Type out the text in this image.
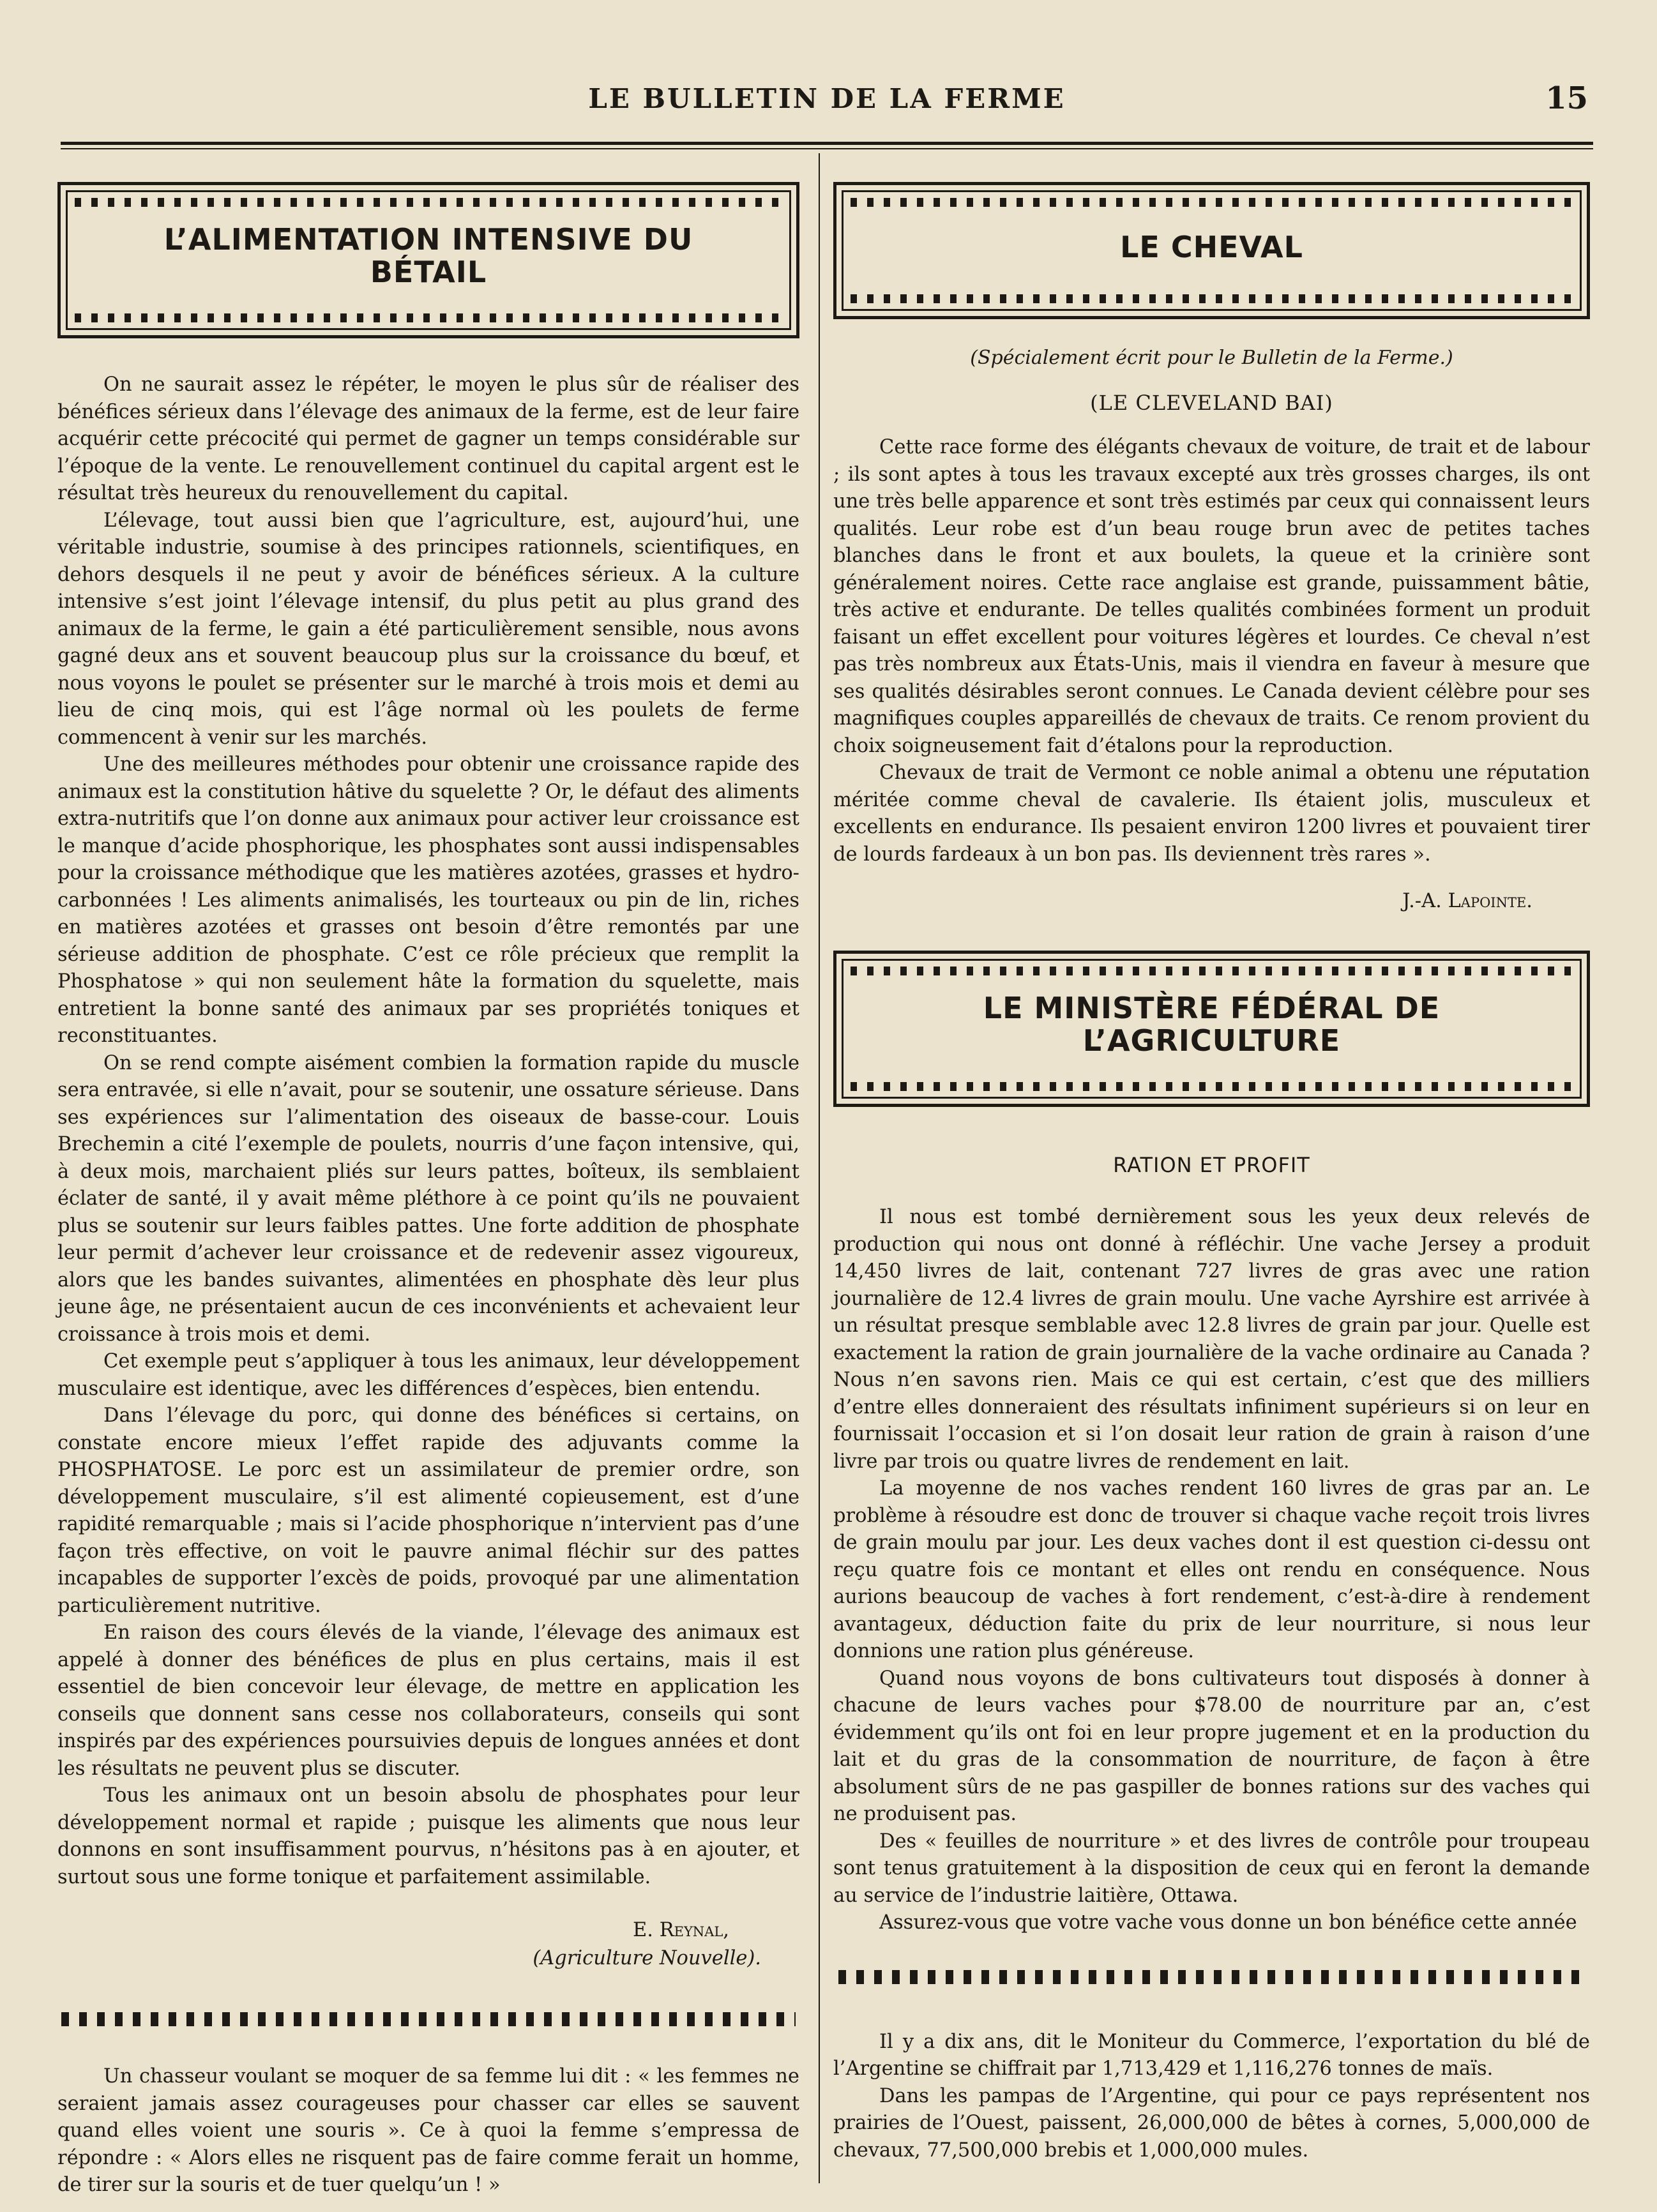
LE BULLETIN DE LA FERME	15
L’ALIMENTATION INTENSIVE DU
BÉTAIL

On ne saurait assez le répéter, le moyen le plus sûr de réaliser des bénéfices sérieux dans l’élevage des animaux de la ferme, est de leur faire acquérir cette précocité qui permet de gagner un temps considérable sur l’époque de la vente. Le renouvellement continuel du capital argent est le résultat très heureux du renouvellement du capital.

L’élevage, tout aussi bien que l’agriculture, est, aujourd’hui, une véritable industrie, soumise à des principes rationnels, scientifiques, en dehors desquels il ne peut y avoir de bénéfices sérieux. A la culture intensive s’est joint l’élevage intensif, du plus petit au plus grand des animaux de la ferme, le gain a été particulièrement sensible, nous avons gagné deux ans et souvent beaucoup plus sur la croissance du bœuf, et nous voyons le poulet se présenter sur le marché à trois mois et demi au lieu de cinq mois, qui est l’âge normal où les poulets de ferme commencent à venir sur les marchés.

Une des meilleures méthodes pour obtenir une croissance rapide des animaux est la constitution hâtive du squelette ? Or, le défaut des aliments extra-nutritifs que l’on donne aux animaux pour activer leur croissance est le manque d’acide phosphorique, les phosphates sont aussi indispensables pour la croissance méthodique que les matières azotées, grasses et hydro-carbonnées ! Les aliments animalisés, les tourteaux ou pin de lin, riches en matières azotées et grasses ont besoin d’être remontés par une sérieuse addition de phosphate. C’est ce rôle précieux que remplit la Phosphatose » qui non seulement hâte la formation du squelette, mais entretient la bonne santé des animaux par ses propriétés toniques et reconstituantes.

On se rend compte aisément combien la formation rapide du muscle sera entravée, si elle n’avait, pour se soutenir, une ossature sérieuse. Dans ses expériences sur l’alimentation des oiseaux de basse-cour. Louis Brechemin a cité l’exemple de poulets, nourris d’une façon intensive, qui, à deux mois, marchaient pliés sur leurs pattes, boîteux, ils semblaient éclater de santé, il y avait même pléthore à ce point qu’ils ne pouvaient plus se soutenir sur leurs faibles pattes. Une forte addition de phosphate leur permit d’achever leur croissance et de redevenir assez vigoureux, alors que les bandes suivantes, alimentées en phosphate dès leur plus jeune âge, ne présentaient aucun de ces inconvénients et achevaient leur croissance à trois mois et demi.

Cet exemple peut s’appliquer à tous les animaux, leur développement musculaire est identique, avec les différences d’espèces, bien entendu.

Dans l’élevage du porc, qui donne des bénéfices si certains, on constate encore mieux l’effet rapide des adjuvants comme la PHOSPHATOSE. Le porc est un assimilateur de premier ordre, son développement musculaire, s’il est alimenté copieusement, est d’une rapidité remarquable ; mais si l’acide phosphorique n’intervient pas d’une façon très effective, on voit le pauvre animal fléchir sur des pattes incapables de supporter l’excès de poids, provoqué par une alimentation particulièrement nutritive.

En raison des cours élevés de la viande, l’élevage des animaux est appelé à donner des bénéfices de plus en plus certains, mais il est essentiel de bien concevoir leur élevage, de mettre en application les conseils que donnent sans cesse nos collaborateurs, conseils qui sont inspirés par des expériences poursuivies depuis de longues années et dont les résultats ne peuvent plus se discuter.

Tous les animaux ont un besoin absolu de phosphates pour leur développement normal et rapide ; puisque les aliments que nous leur donnons en sont insuffisamment pourvus, n’hésitons pas à en ajouter, et surtout sous une forme tonique et parfaitement assimilable.

E. Reynal,

(Agriculture Nouvelle).

Un chasseur voulant se moquer de sa femme lui dit : « les femmes ne seraient jamais assez courageuses pour chasser car elles se sauvent quand elles voient une souris ». Ce à quoi la femme s’empressa de répondre : « Alors elles ne risquent pas de faire comme ferait un homme, de tirer sur la souris et de tuer quelqu’un ! »

LE CHEVAL

(Spécialement écrit pour le Bulletin de la Ferme.)

(LE CLEVELAND BAI)

Cette race forme des élégants chevaux de voiture, de trait et de labour ; ils sont aptes à tous les travaux excepté aux très grosses charges, ils ont une très belle apparence et sont très estimés par ceux qui connaissent leurs qualités. Leur robe est d’un beau rouge brun avec de petites taches blanches dans le front et aux boulets, la queue et la crinière sont généralement noires. Cette race anglaise est grande, puissamment bâtie, très active et endurante. De telles qualités combinées forment un produit faisant un effet excellent pour voitures légères et lourdes. Ce cheval n’est pas très nombreux aux États-Unis, mais il viendra en faveur à mesure que ses qualités désirables seront connues. Le Canada devient célèbre pour ses magnifiques couples appareillés de chevaux de traits. Ce renom provient du choix soigneusement fait d’étalons pour la reproduction.

Chevaux de trait de Vermont ce noble animal a obtenu une réputation méritée comme cheval de cavalerie. Ils étaient jolis, musculeux et excellents en endurance. Ils pesaient environ 1200 livres et pouvaient tirer de lourds fardeaux à un bon pas. Ils deviennent très rares ».

J.-A. Lapointe.

LE MINISTÈRE FÉDÉRAL DE
L’AGRICULTURE

RATION ET PROFIT

Il nous est tombé dernièrement sous les yeux deux relevés de production qui nous ont donné à réfléchir. Une vache Jersey a produit 14,450 livres de lait, contenant 727 livres de gras avec une ration journalière de 12.4 livres de grain moulu. Une vache Ayrshire est arrivée à un résultat presque semblable avec 12.8 livres de grain par jour. Quelle est exactement la ration de grain journalière de la vache ordinaire au Canada ? Nous n’en savons rien. Mais ce qui est certain, c’est que des milliers d’entre elles donneraient des résultats infiniment supérieurs si on leur en fournissait l’occasion et si l’on dosait leur ration de grain à raison d’une livre par trois ou quatre livres de rendement en lait.

La moyenne de nos vaches rendent 160 livres de gras par an. Le problème à résoudre est donc de trouver si chaque vache reçoit trois livres de grain moulu par jour. Les deux vaches dont il est question ci-dessu ont reçu quatre fois ce montant et elles ont rendu en conséquence. Nous aurions beaucoup de vaches à fort rendement, c’est-à-dire à rendement avantageux, déduction faite du prix de leur nourriture, si nous leur donnions une ration plus généreuse.

Quand nous voyons de bons cultivateurs tout disposés à donner à chacune de leurs vaches pour $78.00 de nourriture par an, c’est évidemment qu’ils ont foi en leur propre jugement et en la production du lait et du gras de la consommation de nourriture, de façon à être absolument sûrs de ne pas gaspiller de bonnes rations sur des vaches qui ne produisent pas.

Des « feuilles de nourriture » et des livres de contrôle pour troupeau sont tenus gratuitement à la disposition de ceux qui en feront la demande au service de l’industrie laitière, Ottawa.

Assurez-vous que votre vache vous donne un bon bénéfice cette année

Il y a dix ans, dit le Moniteur du Commerce, l’exportation du blé de l’Argentine se chiffrait par 1,713,429 et 1,116,276 tonnes de maïs.

Dans les pampas de l’Argentine, qui pour ce pays représentent nos prairies de l’Ouest, paissent, 26,000,000 de bêtes à cornes, 5,000,000 de chevaux, 77,500,000 brebis et 1,000,000 mules.
